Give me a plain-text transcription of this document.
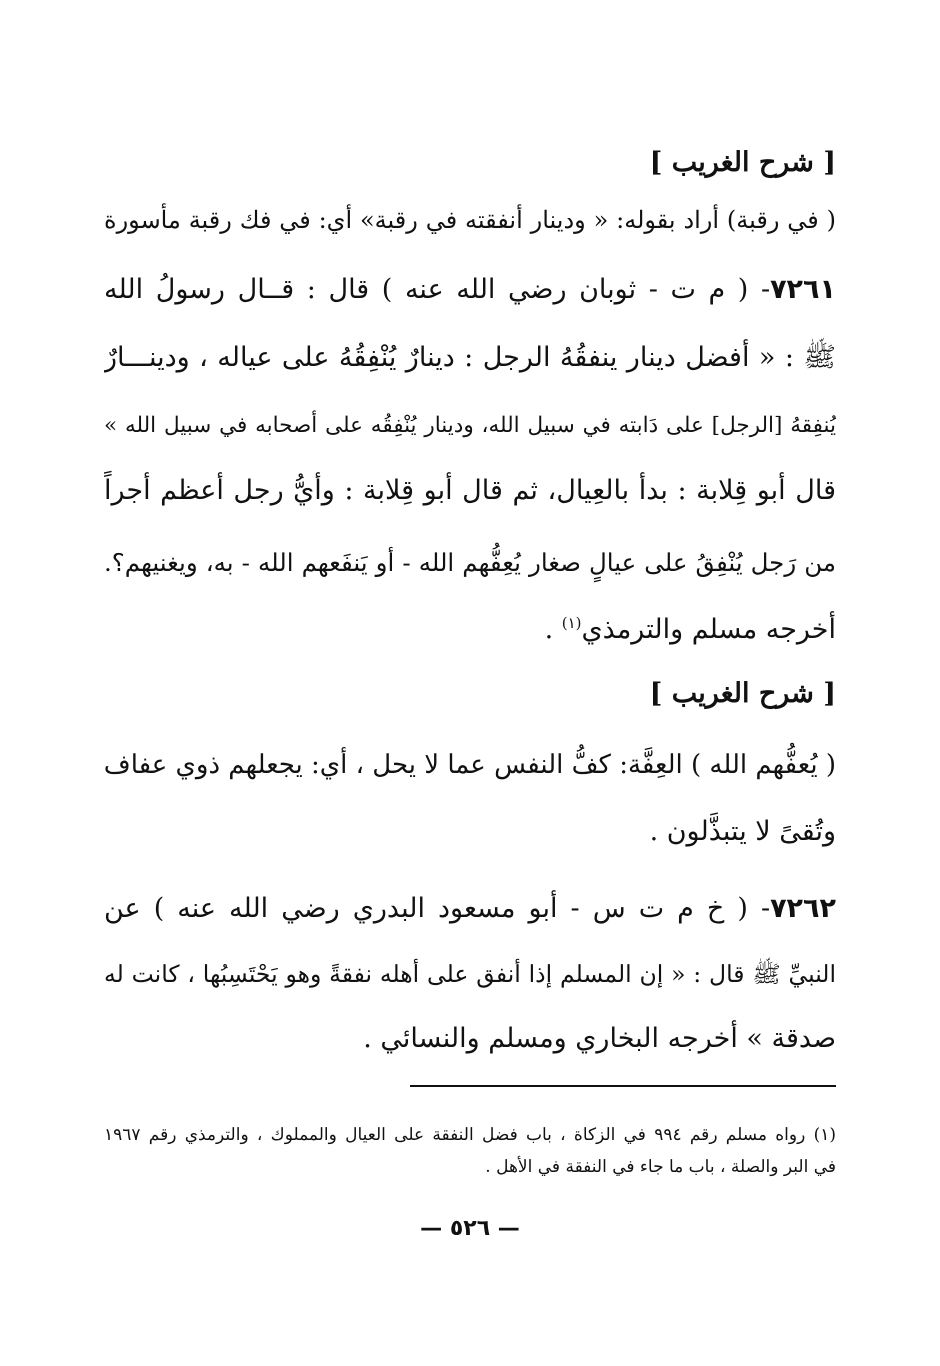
[ شرح الغريب ]
( في رقبة) أراد بقوله: « ودينار أنفقته في رقبة» أي: في فك رقبة مأسورة
٧٢٦١- ( م ت - ثوبان رضي الله عنه ) قال : قــال رسولُ الله
ﷺ : « أفضل دينار ينفقُهُ الرجل : دينارٌ يُنْفِقُهُ على عياله ، ودينـــارٌ
يُنفِقهُ [الرجل] على دَابته في سبيل الله، ودينار يُنْفِقُه على أصحابه في سبيل الله »
قال أبو قِلابة : بدأ بالعِيال، ثم قال أبو قِلابة : وأيُّ رجل أعظم أجراً
من رَجل يُنْفِقُ على عيالٍ صغار يُعِفُّهم الله - أو يَنفَعهم الله - به، ويغنيهم؟.
أخرجه مسلم والترمذي$^{(١)}$ .
[ شرح الغريب ]
( يُعفُّهم الله ) العِفَّة: كفُّ النفس عما لا يحل ، أي: يجعلهم ذوي عفاف
وتُقىً لا يتبذَّلون .
٧٢٦٢- ( خ م ت س - أبو مسعود البدري رضي الله عنه ) عن
النبيِّ ﷺ قال : « إن المسلم إذا أنفق على أهله نفقةً وهو يَحْتَسِبُها ، كانت له
صدقة » أخرجه البخاري ومسلم والنسائي .
(١) رواه مسلم رقم ٩٩٤ في الزكاة ، باب فضل النفقة على العيال والمملوك ، والترمذي رقم ١٩٦٧
في البر والصلة ، باب ما جاء في النفقة في الأهل .
— ٥٢٦ —
